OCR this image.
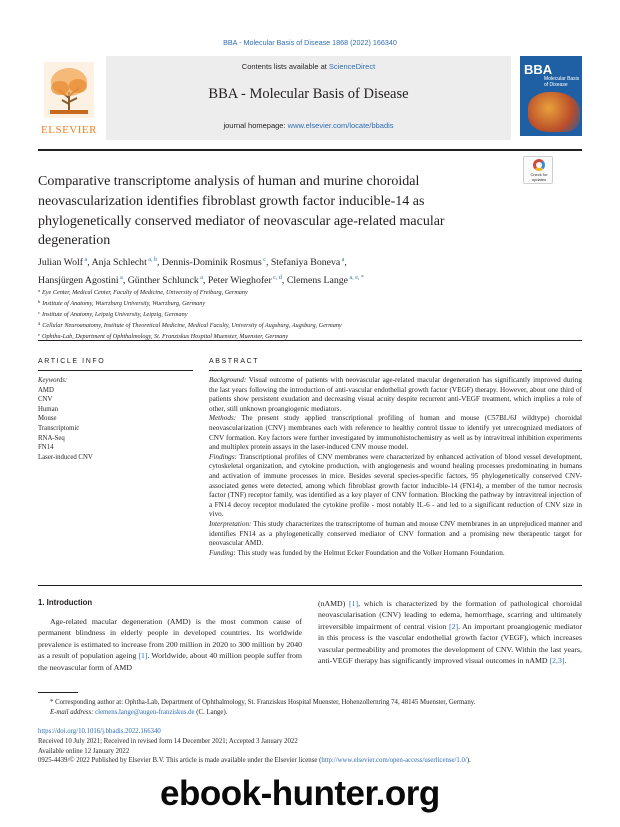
BBA - Molecular Basis of Disease 1868 (2022) 166340
ELSEVIER
Contents lists available at ScienceDirect
BBA - Molecular Basis of Disease
journal homepage: www.elsevier.com/locate/bbadis
BBA
Molecular Basis of Disease
Check for updates
Comparative transcriptome analysis of human and murine choroidal neovascularization identifies fibroblast growth factor inducible-14 as phylogenetically conserved mediator of neovascular age-related macular degeneration
Julian Wolf $^a$, Anja Schlecht $^{a, b}$, Dennis-Dominik Rosmus $^c$, Stefaniya Boneva $^a$,
Hansjürgen Agostini $^a$, Günther Schlunck $^a$, Peter Wieghofer $^{c, d}$, Clemens Lange $^{a, e, *}$
$^a$ Eye Center, Medical Center, Faculty of Medicine, University of Freiburg, Germany
$^b$ Institute of Anatomy, Wuerzburg University, Wuerzburg, Germany
$^c$ Institute of Anatomy, Leipzig University, Leipzig, Germany
$^d$ Cellular Neuroanatomy, Institute of Theoretical Medicine, Medical Faculty, University of Augsburg, Augsburg, Germany
$^e$ Ophtha-Lab, Department of Ophthalmology, St. Franziskus Hospital Muenster, Muenster, Germany
ARTICLE INFO
Keywords:
AMD
CNV
Human
Mouse
Transcriptomic
RNA-Seq
FN14
Laser-induced CNV
ABSTRACT
Background: Visual outcome of patients with neovascular age-related macular degeneration has significantly improved during the last years following the introduction of anti-vascular endothelial growth factor (VEGF) therapy. However, about one third of patients show persistent exudation and decreasing visual acuity despite recurrent anti-VEGF treatment, which implies a role of other, still unknown proangiogenic mediators.
Methods: The present study applied transcriptional profiling of human and mouse (C57BL/6J wildtype) choroidal neovascularization (CNV) membranes each with reference to healthy control tissue to identify yet unrecognized mediators of CNV formation. Key factors were further investigated by immunohistochemistry as well as by intravitreal inhibition experiments and multiplex protein assays in the laser-induced CNV mouse model.
Findings: Transcriptional profiles of CNV membranes were characterized by enhanced activation of blood vessel development, cytoskeletal organization, and cytokine production, with angiogenesis and wound healing processes predominating in humans and activation of immune processes in mice. Besides several species-specific factors, 95 phylogenetically conserved CNV-associated genes were detected, among which fibroblast growth factor inducible-14 (FN14), a member of the tumor necrosis factor (TNF) receptor family, was identified as a key player of CNV formation. Blocking the pathway by intravitreal injection of a FN14 decoy receptor modulated the cytokine profile - most notably IL-6 - and led to a significant reduction of CNV size in vivo.
Interpretation: This study characterizes the transcriptome of human and mouse CNV membranes in an unprejudiced manner and identifies FN14 as a phylogenetically conserved mediator of CNV formation and a promising new therapeutic target for neovascular AMD.
Funding: This study was funded by the Helmut Ecker Foundation and the Volker Homann Foundation.
1. Introduction
Age-related macular degeneration (AMD) is the most common cause of permanent blindness in elderly people in developed countries. Its worldwide prevalence is estimated to increase from 200 million in 2020 to 300 million by 2040 as a result of population ageing [1]. Worldwide, about 40 million people suffer from the neovascular form of AMD
(nAMD) [1], which is characterized by the formation of pathological choroidal neovascularisation (CNV) leading to edema, hemorrhage, scarring and ultimately irreversible impairment of central vision [2]. An important proangiogenic mediator in this process is the vascular endothelial growth factor (VEGF), which increases vascular permeability and promotes the development of CNV. Within the last years, anti-VEGF therapy has significantly improved visual outcomes in nAMD [2,3].
* Corresponding author at: Ophtha-Lab, Department of Ophthalmology, St. Franziskus Hospital Muenster, Hohenzollernring 74, 48145 Muenster, Germany.
E-mail address: clemens.lange@augen-franziskus.de (C. Lange).
https://doi.org/10.1016/j.bbadis.2022.166340
Received 10 July 2021; Received in revised form 14 December 2021; Accepted 3 January 2022
Available online 12 January 2022
0925-4439/© 2022 Published by Elsevier B.V. This article is made available under the Elsevier license (http://www.elsevier.com/open-access/userlicense/1.0/).
ebook-hunter.org
